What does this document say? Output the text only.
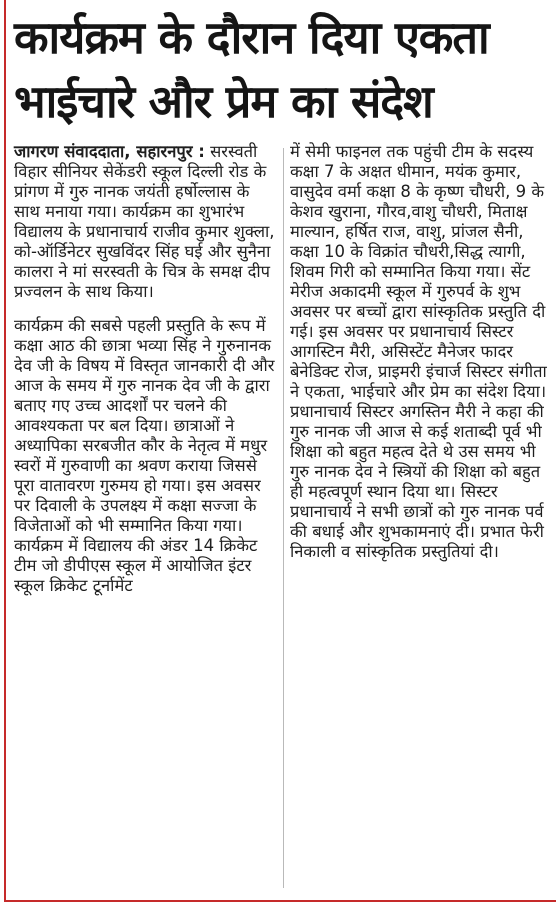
कार्यक्रम के दौरान दिया एकता भाईचारे और प्रेम का संदेश

जागरण संवाददाता, सहारनपुर : सरस्वती विहार सीनियर सेकेंडरी स्कूल दिल्ली रोड के प्रांगण में गुरु नानक जयंती हर्षोल्लास के साथ मनाया गया। कार्यक्रम का शुभारंभ विद्यालय के प्रधानाचार्य राजीव कुमार शुक्ला, को-ऑर्डिनेटर सुखविंदर सिंह घई और सुनैना कालरा ने मां सरस्वती के चित्र के समक्ष दीप प्रज्वलन के साथ किया।

कार्यक्रम की सबसे पहली प्रस्तुति के रूप में कक्षा आठ की छात्रा भव्या सिंह ने गुरुनानक देव जी के विषय में विस्तृत जानकारी दी और आज के समय में गुरु नानक देव जी के द्वारा बताए गए उच्च आदर्शों पर चलने की आवश्यकता पर बल दिया। छात्राओं ने अध्यापिका सरबजीत कौर के नेतृत्व में मधुर स्वरों में गुरुवाणी का श्रवण कराया जिससे पूरा वातावरण गुरुमय हो गया। इस अवसर पर दिवाली के उपलक्ष्य में कक्षा सज्जा के विजेताओं को भी सम्मानित किया गया। कार्यक्रम में विद्यालय की अंडर 14 क्रिकेट टीम जो डीपीएस स्कूल में आयोजित इंटर स्कूल क्रिकेट टूर्नामेंट

में सेमी फाइनल तक पहुंची टीम के सदस्य कक्षा 7 के अक्षत धीमान, मयंक कुमार, वासुदेव वर्मा कक्षा 8 के कृष्ण चौधरी, 9 के केशव खुराना, गौरव,वाशु चौधरी, मिताक्ष माल्यान, हर्षित राज, वाशु, प्रांजल सैनी, कक्षा 10 के विक्रांत चौधरी,सिद्ध त्यागी, शिवम गिरी को सम्मानित किया गया। सेंट मेरीज अकादमी स्कूल में गुरुपर्व के शुभ अवसर पर बच्चों द्वारा सांस्कृतिक प्रस्तुति दी गई। इस अवसर पर प्रधानाचार्य सिस्टर आगस्टिन मैरी, असिस्टेंट मैनेजर फादर बेनेडिक्ट रोज, प्राइमरी इंचार्ज सिस्टर संगीता ने एकता, भाईचारे और प्रेम का संदेश दिया। प्रधानाचार्य सिस्टर अगस्तिन मैरी ने कहा की गुरु नानक जी आज से कई शताब्दी पूर्व भी शिक्षा को बहुत महत्व देते थे उस समय भी गुरु नानक देव ने स्त्रियों की शिक्षा को बहुत ही महत्वपूर्ण स्थान दिया था। सिस्टर प्रधानाचार्य ने सभी छात्रों को गुरु नानक पर्व की बधाई और शुभकामनाएं दी। प्रभात फेरी निकाली व सांस्कृतिक प्रस्तुतियां दी।
